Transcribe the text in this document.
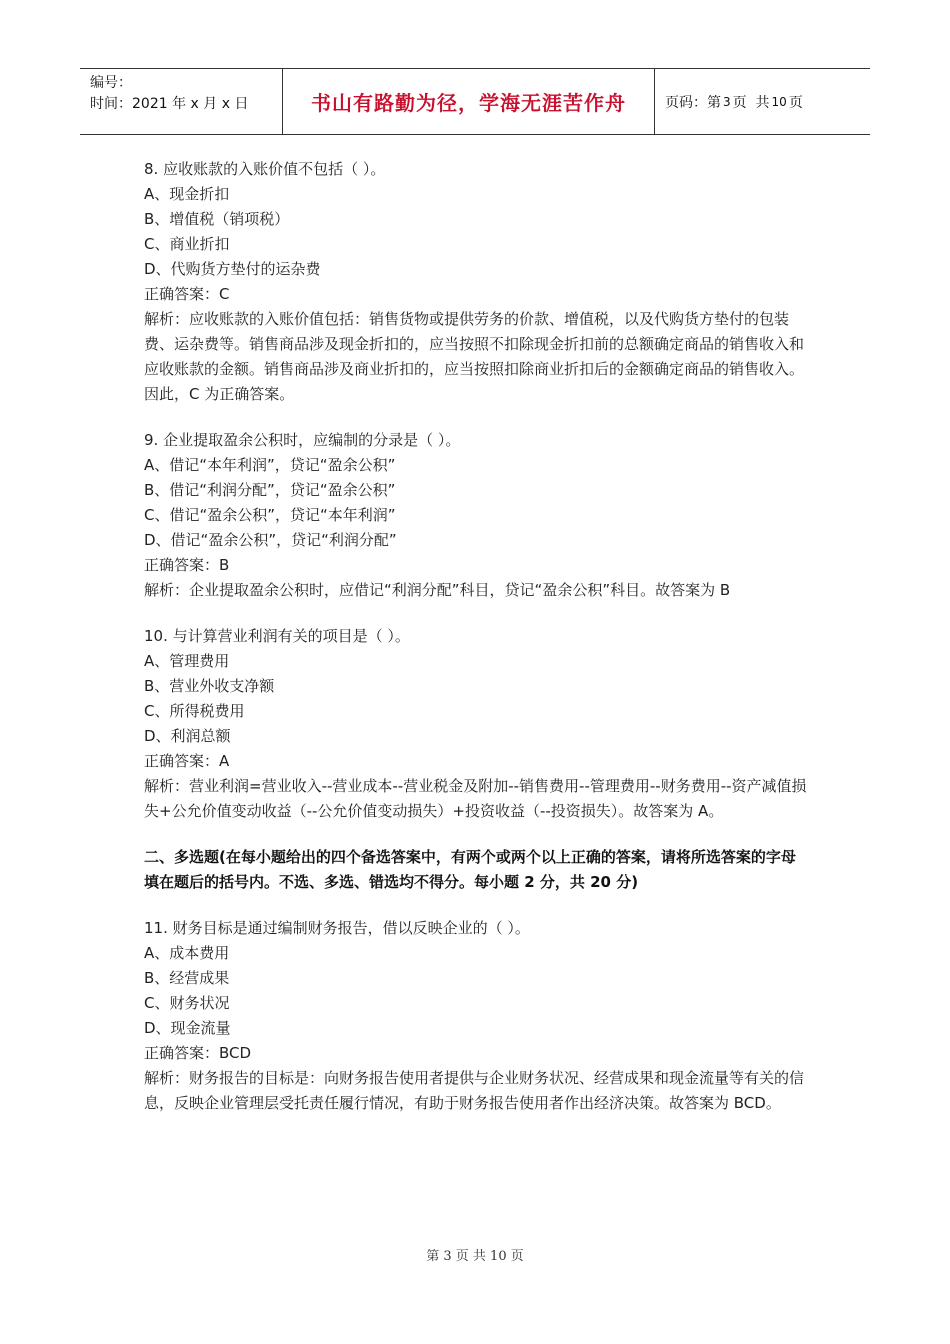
编号：
时间：2021 年 x 月 x 日	书山有路勤为径，学海无涯苦作舟	页码：第 3 页  共 10 页
8. 应收账款的入账价值不包括（ ）。
A、现金折扣
B、增值税（销项税）
C、商业折扣
D、代购货方垫付的运杂费
正确答案：C
解析：应收账款的入账价值包括：销售货物或提供劳务的价款、增值税，以及代购货方垫付的包装费、运杂费等。销售商品涉及现金折扣的，应当按照不扣除现金折扣前的总额确定商品的销售收入和应收账款的金额。销售商品涉及商业折扣的，应当按照扣除商业折扣后的金额确定商品的销售收入。因此，C 为正确答案。
9. 企业提取盈余公积时，应编制的分录是（ ）。
A、借记“本年利润”，贷记“盈余公积”
B、借记“利润分配”，贷记“盈余公积”
C、借记“盈余公积”，贷记“本年利润”
D、借记“盈余公积”，贷记“利润分配”
正确答案：B
解析：企业提取盈余公积时，应借记“利润分配”科目，贷记“盈余公积”科目。故答案为 B
10. 与计算营业利润有关的项目是（ ）。
A、管理费用
B、营业外收支净额
C、所得税费用
D、利润总额
正确答案：A
解析：营业利润=营业收入--营业成本--营业税金及附加--销售费用--管理费用--财务费用--资产减值损失+公允价值变动收益（--公允价值变动损失）+投资收益（--投资损失）。故答案为 A。
二、多选题(在每小题给出的四个备选答案中，有两个或两个以上正确的答案，请将所选答案的字母填在题后的括号内。不选、多选、错选均不得分。每小题 2 分，共 20 分)
11. 财务目标是通过编制财务报告，借以反映企业的（ ）。
A、成本费用
B、经营成果
C、财务状况
D、现金流量
正确答案：BCD
解析：财务报告的目标是：向财务报告使用者提供与企业财务状况、经营成果和现金流量等有关的信息，反映企业管理层受托责任履行情况，有助于财务报告使用者作出经济决策。故答案为 BCD。
第 3 页 共 10 页
